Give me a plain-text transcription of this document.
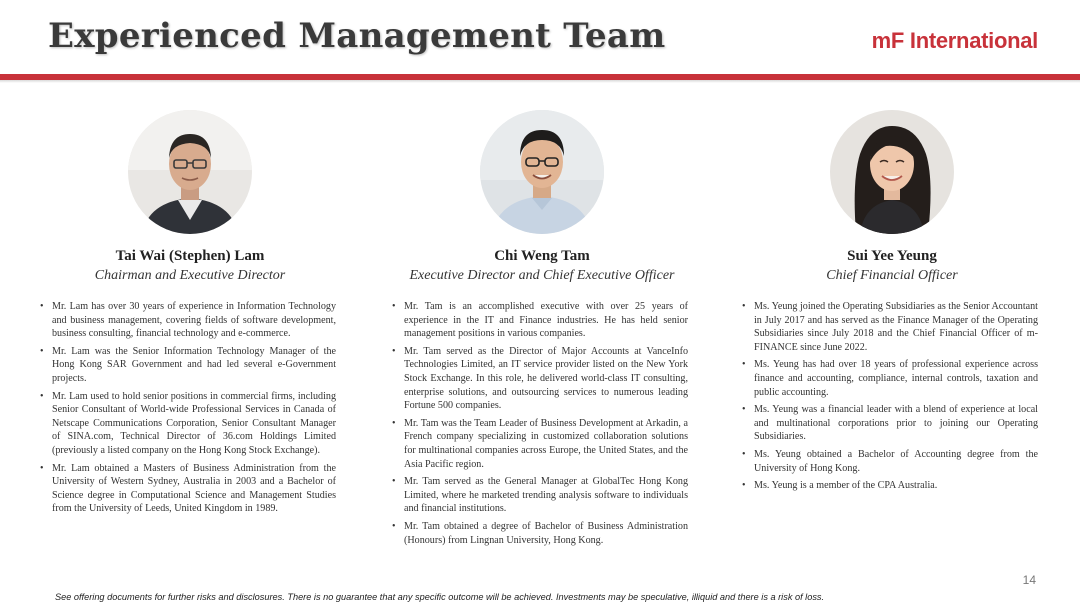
Experienced Management Team	mF International
Tai Wai (Stephen) Lam
Chairman and Executive Director
• Mr. Lam has over 30 years of experience in Information Technology and business management, covering fields of software development, business consulting, financial technology and e-commerce.
• Mr. Lam was the Senior Information Technology Manager of the Hong Kong SAR Government and had led several e-Government projects.
• Mr. Lam used to hold senior positions in commercial firms, including Senior Consultant of World-wide Professional Services in Canada of Netscape Communications Corporation, Senior Consultant Manager of SINA.com, Technical Director of 36.com Holdings Limited (previously a listed company on the Hong Kong Stock Exchange).
• Mr. Lam obtained a Masters of Business Administration from the University of Western Sydney, Australia in 2003 and a Bachelor of Science degree in Computational Science and Management Studies from the University of Leeds, United Kingdom in 1989.
Chi Weng Tam
Executive Director and Chief Executive Officer
• Mr. Tam is an accomplished executive with over 25 years of experience in the IT and Finance industries. He has held senior management positions in various companies.
• Mr. Tam served as the Director of Major Accounts at VanceInfo Technologies Limited, an IT service provider listed on the New York Stock Exchange. In this role, he delivered world-class IT consulting, enterprise solutions, and outsourcing services to numerous leading Fortune 500 companies.
• Mr. Tam was the Team Leader of Business Development at Arkadin, a French company specializing in customized collaboration solutions for multinational companies across Europe, the United States, and the Asia Pacific region.
• Mr. Tam served as the General Manager at GlobalTec Hong Kong Limited, where he marketed trending analysis software to individuals and financial institutions.
• Mr. Tam obtained a degree of Bachelor of Business Administration (Honours) from Lingnan University, Hong Kong.
Sui Yee Yeung
Chief Financial Officer
• Ms. Yeung joined the Operating Subsidiaries as the Senior Accountant in July 2017 and has served as the Finance Manager of the Operating Subsidiaries since July 2018 and the Chief Financial Officer of m-FINANCE since June 2022.
• Ms. Yeung has had over 18 years of professional experience across finance and accounting, compliance, internal controls, taxation and public accounting.
• Ms. Yeung was a financial leader with a blend of experience at local and multinational corporations prior to joining our Operating Subsidiaries.
• Ms. Yeung obtained a Bachelor of Accounting degree from the University of Hong Kong.
• Ms. Yeung is a member of the CPA Australia.
14
See offering documents for further risks and disclosures. There is no guarantee that any specific outcome will be achieved. Investments may be speculative, illiquid and there is a risk of loss.
